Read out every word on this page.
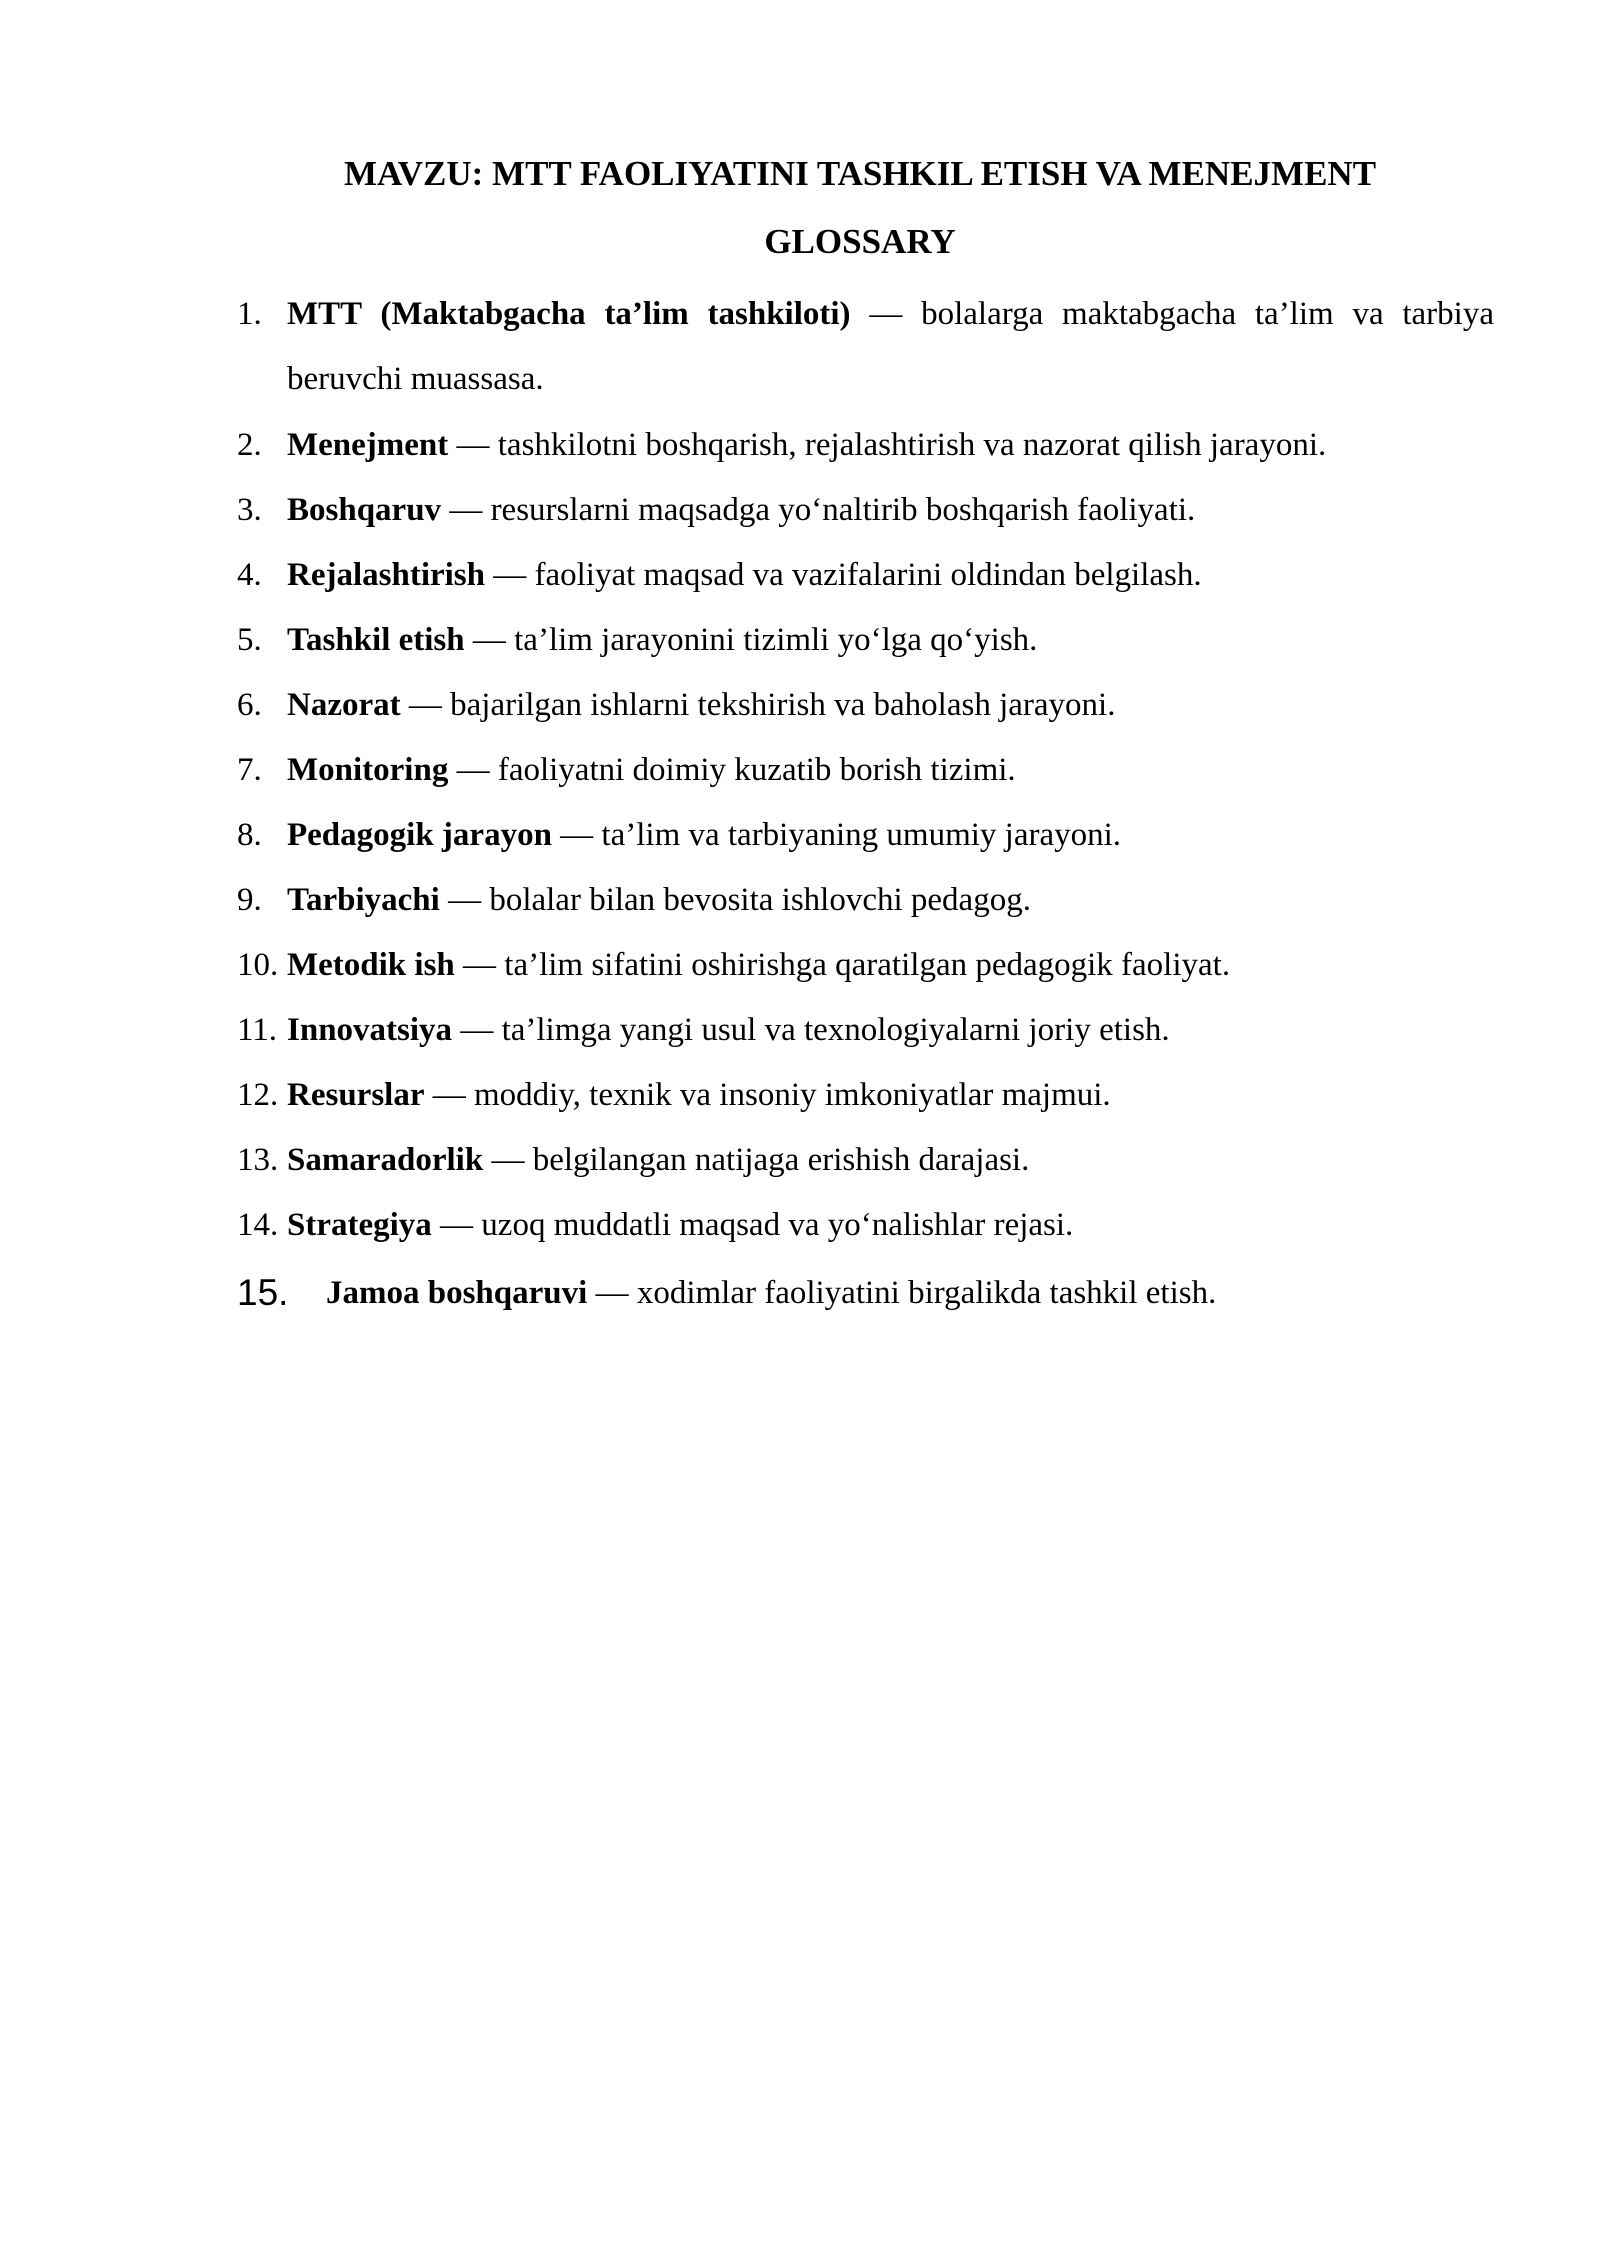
MAVZU: MTT FAOLIYATINI TASHKIL ETISH VA MENEJMENT
GLOSSARY
1. MTT (Maktabgacha ta’lim tashkiloti) — bolalarga maktabgacha ta’lim va tarbiya beruvchi muassasa.
2. Menejment — tashkilotni boshqarish, rejalashtirish va nazorat qilish jarayoni.
3. Boshqaruv — resurslarni maqsadga yo‘naltirib boshqarish faoliyati.
4. Rejalashtirish — faoliyat maqsad va vazifalarini oldindan belgilash.
5. Tashkil etish — ta’lim jarayonini tizimli yo‘lga qo‘yish.
6. Nazorat — bajarilgan ishlarni tekshirish va baholash jarayoni.
7. Monitoring — faoliyatni doimiy kuzatib borish tizimi.
8. Pedagogik jarayon — ta’lim va tarbiyaning umumiy jarayoni.
9. Tarbiyachi — bolalar bilan bevosita ishlovchi pedagog.
10. Metodik ish — ta’lim sifatini oshirishga qaratilgan pedagogik faoliyat.
11. Innovatsiya — ta’limga yangi usul va texnologiyalarni joriy etish.
12. Resurslar — moddiy, texnik va insoniy imkoniyatlar majmui.
13. Samaradorlik — belgilangan natijaga erishish darajasi.
14. Strategiya — uzoq muddatli maqsad va yo‘nalishlar rejasi.
15. Jamoa boshqaruvi — xodimlar faoliyatini birgalikda tashkil etish.
